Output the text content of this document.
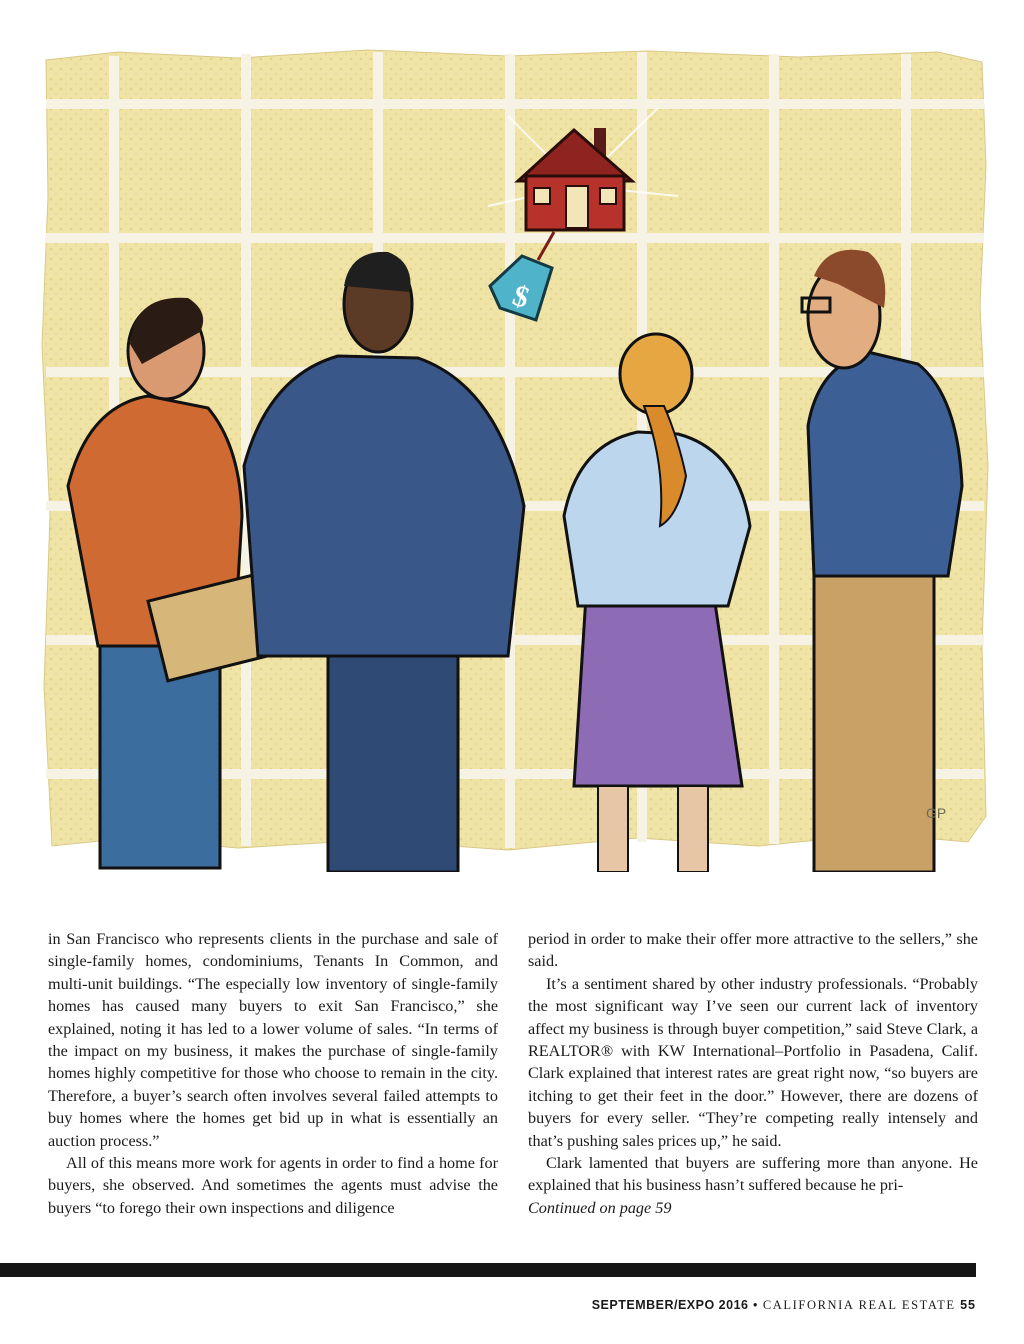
$
GP

in San Francisco who represents clients in the purchase and sale of single-family homes, condominiums, Tenants In Common, and multi-unit buildings. “The especially low inventory of single-family homes has caused many buyers to exit San Francisco,” she explained, noting it has led to a lower volume of sales. “In terms of the impact on my business, it makes the purchase of single-family homes highly competitive for those who choose to remain in the city. Therefore, a buyer’s search often involves several failed attempts to buy homes where the homes get bid up in what is essentially an auction process.”

All of this means more work for agents in order to find a home for buyers, she observed. And sometimes the agents must advise the buyers “to forego their own inspections and diligence

period in order to make their offer more attractive to the sellers,” she said.

It’s a sentiment shared by other industry professionals. “Probably the most significant way I’ve seen our current lack of inventory affect my business is through buyer competition,” said Steve Clark, a REALTOR® with KW International–Portfolio in Pasadena, Calif. Clark explained that interest rates are great right now, “so buyers are itching to get their feet in the door.” However, there are dozens of buyers for every seller. “They’re competing really intensely and that’s pushing sales prices up,” he said.

Clark lamented that buyers are suffering more than anyone. He explained that his business hasn’t suffered because he pri-

Continued on page 59

SEPTEMBER/EXPO 2016 • CALIFORNIA REAL ESTATE 55
